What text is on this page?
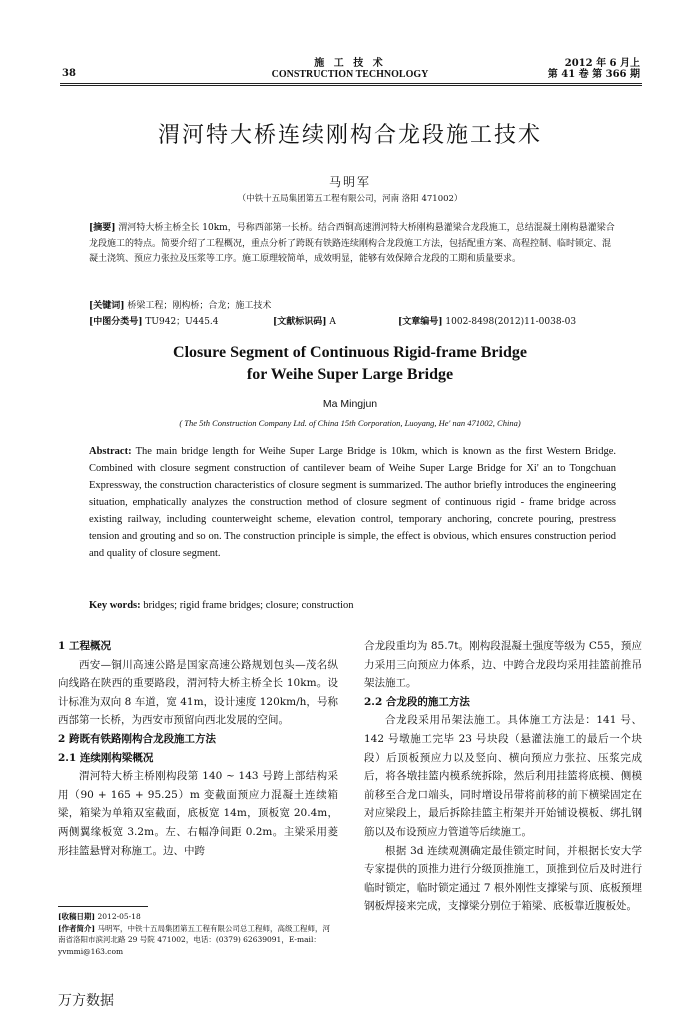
38
施 工 技 术
CONSTRUCTION TECHNOLOGY
2012 年 6 月上
第 41 卷 第 366 期
渭河特大桥连续刚构合龙段施工技术
马明军
（中铁十五局集团第五工程有限公司，河南 洛阳 471002）
[摘要] 渭河特大桥主桥全长 10km，号称西部第一长桥。结合西铜高速渭河特大桥刚构悬灌梁合龙段施工，总结混凝土刚构悬灌梁合龙段施工的特点。简要介绍了工程概况，重点分析了跨既有铁路连续刚构合龙段施工方法，包括配重方案、高程控制、临时锁定、混凝土浇筑、预应力张拉及压浆等工序。施工原理较简单，成效明显，能够有效保障合龙段的工期和质量要求。
[关键词] 桥梁工程；刚构桥；合龙；施工技术
[中图分类号] TU942；U445.4	[文献标识码] A	[文章编号] 1002-8498(2012)11-0038-03
Closure Segment of Continuous Rigid-frame Bridge
for Weihe Super Large Bridge
Ma Mingjun
( The 5th Construction Company Ltd. of China 15th Corporation, Luoyang, He' nan 471002, China)
Abstract: The main bridge length for Weihe Super Large Bridge is 10km, which is known as the first Western Bridge. Combined with closure segment construction of cantilever beam of Weihe Super Large Bridge for Xi' an to Tongchuan Expressway, the construction characteristics of closure segment is summarized. The author briefly introduces the engineering situation, emphatically analyzes the construction method of closure segment of continuous rigid - frame bridge across existing railway, including counterweight scheme, elevation control, temporary anchoring, concrete pouring, prestress tension and grouting and so on. The construction principle is simple, the effect is obvious, which ensures construction period and quality of closure segment.
Key words: bridges; rigid frame bridges; closure; construction
1 工程概况
西安—铜川高速公路是国家高速公路规划包头—茂名纵向线路在陕西的重要路段，渭河特大桥主桥全长 10km。设计标准为双向 8 车道，宽 41m，设计速度 120km/h，号称西部第一长桥，为西安市预留向西北发展的空间。
2 跨既有铁路刚构合龙段施工方法
2.1 连续刚构梁概况
渭河特大桥主桥刚构段第 140 ~ 143 号跨上部结构采用（90 + 165 + 95.25）m 变截面预应力混凝土连续箱梁，箱梁为单箱双室截面，底板宽 14m，顶板宽 20.4m，两侧翼缘板宽 3.2m。左、右幅净间距 0.2m。主梁采用菱形挂篮悬臂对称施工。边、中跨
[收稿日期] 2012-05-18
[作者简介] 马明军，中铁十五局集团第五工程有限公司总工程师，高级工程师，河南省洛阳市滨河北路 29 号院 471002，电话：(0379) 62639091，E-mail：yvmmi@163.com
合龙段重均为 85.7t。刚构段混凝土强度等级为 C55，预应力采用三向预应力体系，边、中跨合龙段均采用挂篮前推吊架法施工。
2.2 合龙段的施工方法
合龙段采用吊架法施工。具体施工方法是：141 号、142 号墩施工完毕 23 号块段（悬灌法施工的最后一个块段）后顶板预应力以及竖向、横向预应力张拉、压浆完成后，将各墩挂篮内模系统拆除，然后利用挂篮将底模、侧模前移至合龙口端头，同时增设吊带将前移的前下横梁固定在对应梁段上，最后拆除挂篮主桁架并开始铺设模板、绑扎钢筋以及布设预应力管道等后续施工。
根据 3d 连续观测确定最佳锁定时间，并根据长安大学专家提供的顶推力进行分级顶推施工，顶推到位后及时进行临时锁定，临时锁定通过 7 根外刚性支撑梁与顶、底板预埋钢板焊接来完成，支撑梁分别位于箱梁、底板靠近腹板处。
万方数据
